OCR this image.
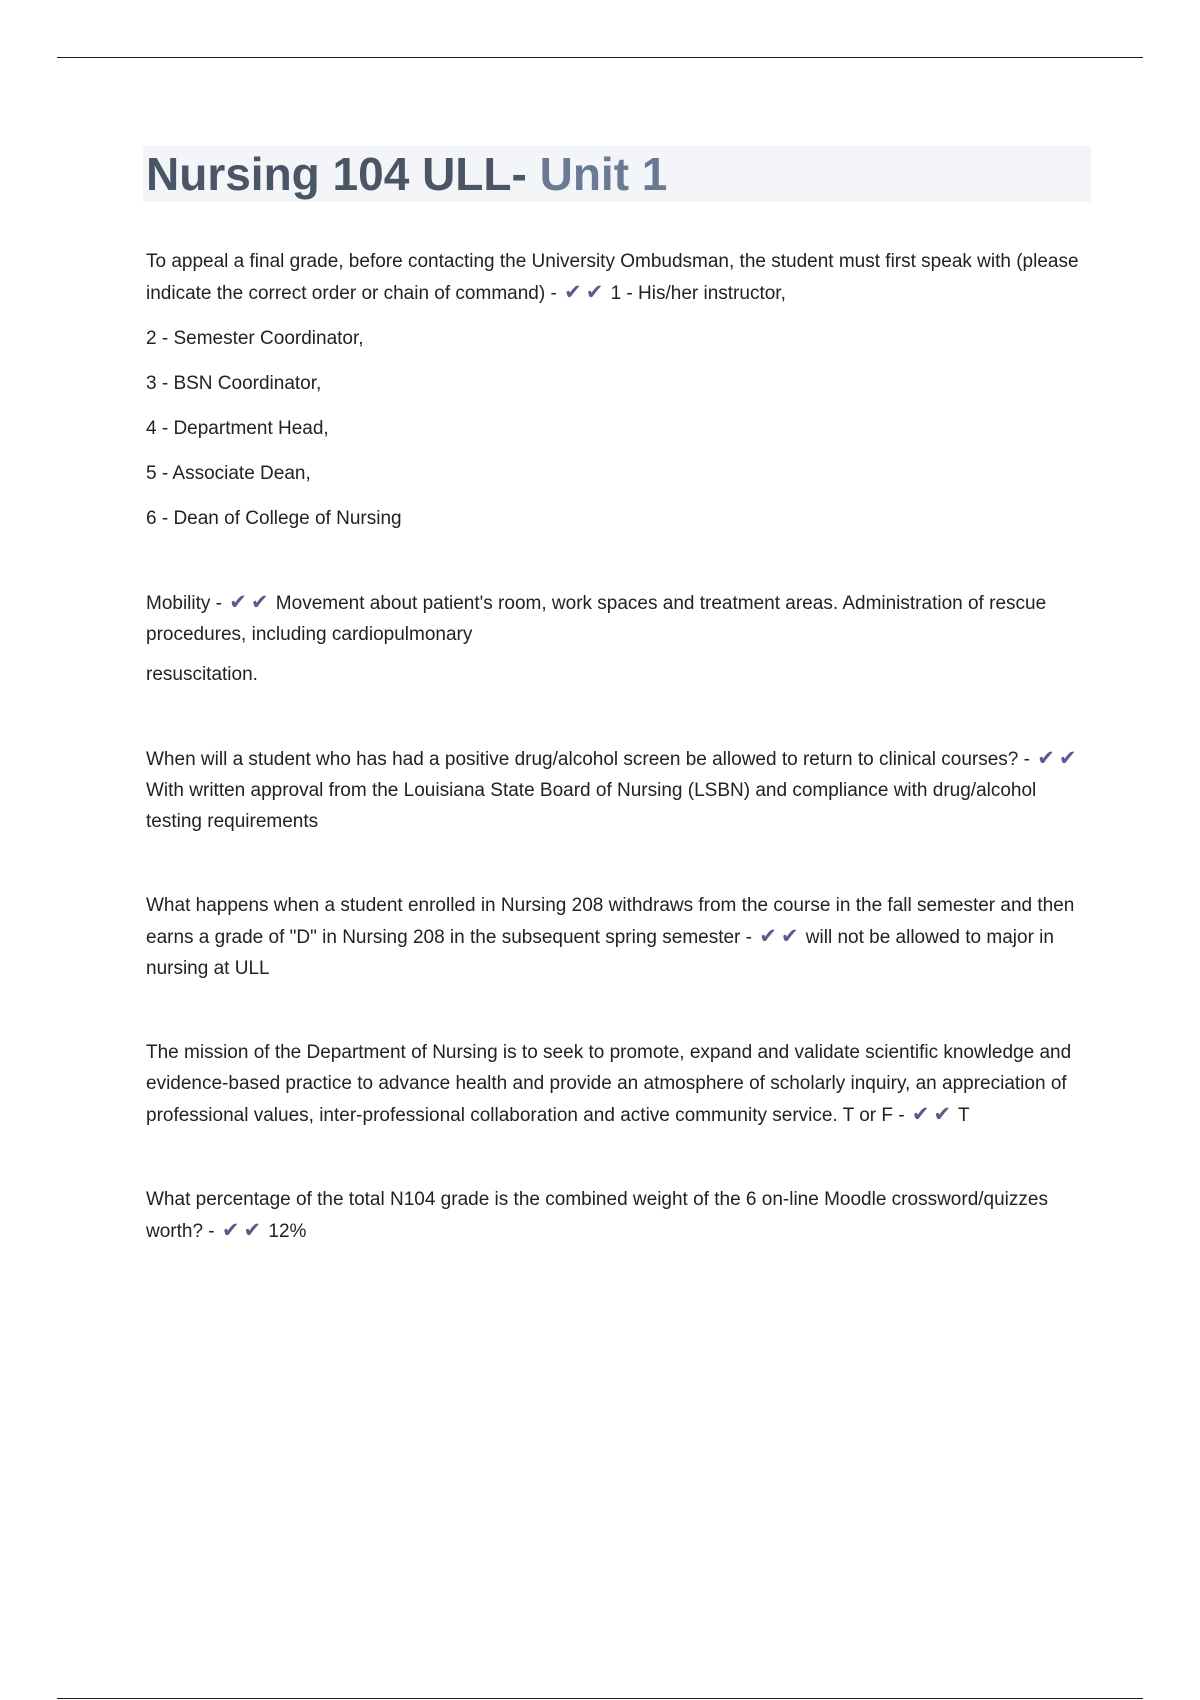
Nursing 104 ULL- Unit 1

To appeal a final grade, before contacting the University Ombudsman, the student must first speak with (please indicate the correct order or chain of command) - ✔ ✔ 1 - His/her instructor,

2 - Semester Coordinator,

3 - BSN Coordinator,

4 - Department Head,

5 - Associate Dean,

6 - Dean of College of Nursing

Mobility - ✔ ✔ Movement about patient's room, work spaces and treatment areas. Administration of rescue procedures, including cardiopulmonary

resuscitation.

When will a student who has had a positive drug/alcohol screen be allowed to return to clinical courses? - ✔ ✔ With written approval from the Louisiana State Board of Nursing (LSBN) and compliance with drug/alcohol testing requirements

What happens when a student enrolled in Nursing 208 withdraws from the course in the fall semester and then earns a grade of "D" in Nursing 208 in the subsequent spring semester - ✔ ✔ will not be allowed to major in nursing at ULL

The mission of the Department of Nursing is to seek to promote, expand and validate scientific knowledge and evidence-based practice to advance health and provide an atmosphere of scholarly inquiry, an appreciation of professional values, inter-professional collaboration and active community service. T or F - ✔ ✔ T

What percentage of the total N104 grade is the combined weight of the 6 on-line Moodle crossword/quizzes worth? - ✔ ✔ 12%
